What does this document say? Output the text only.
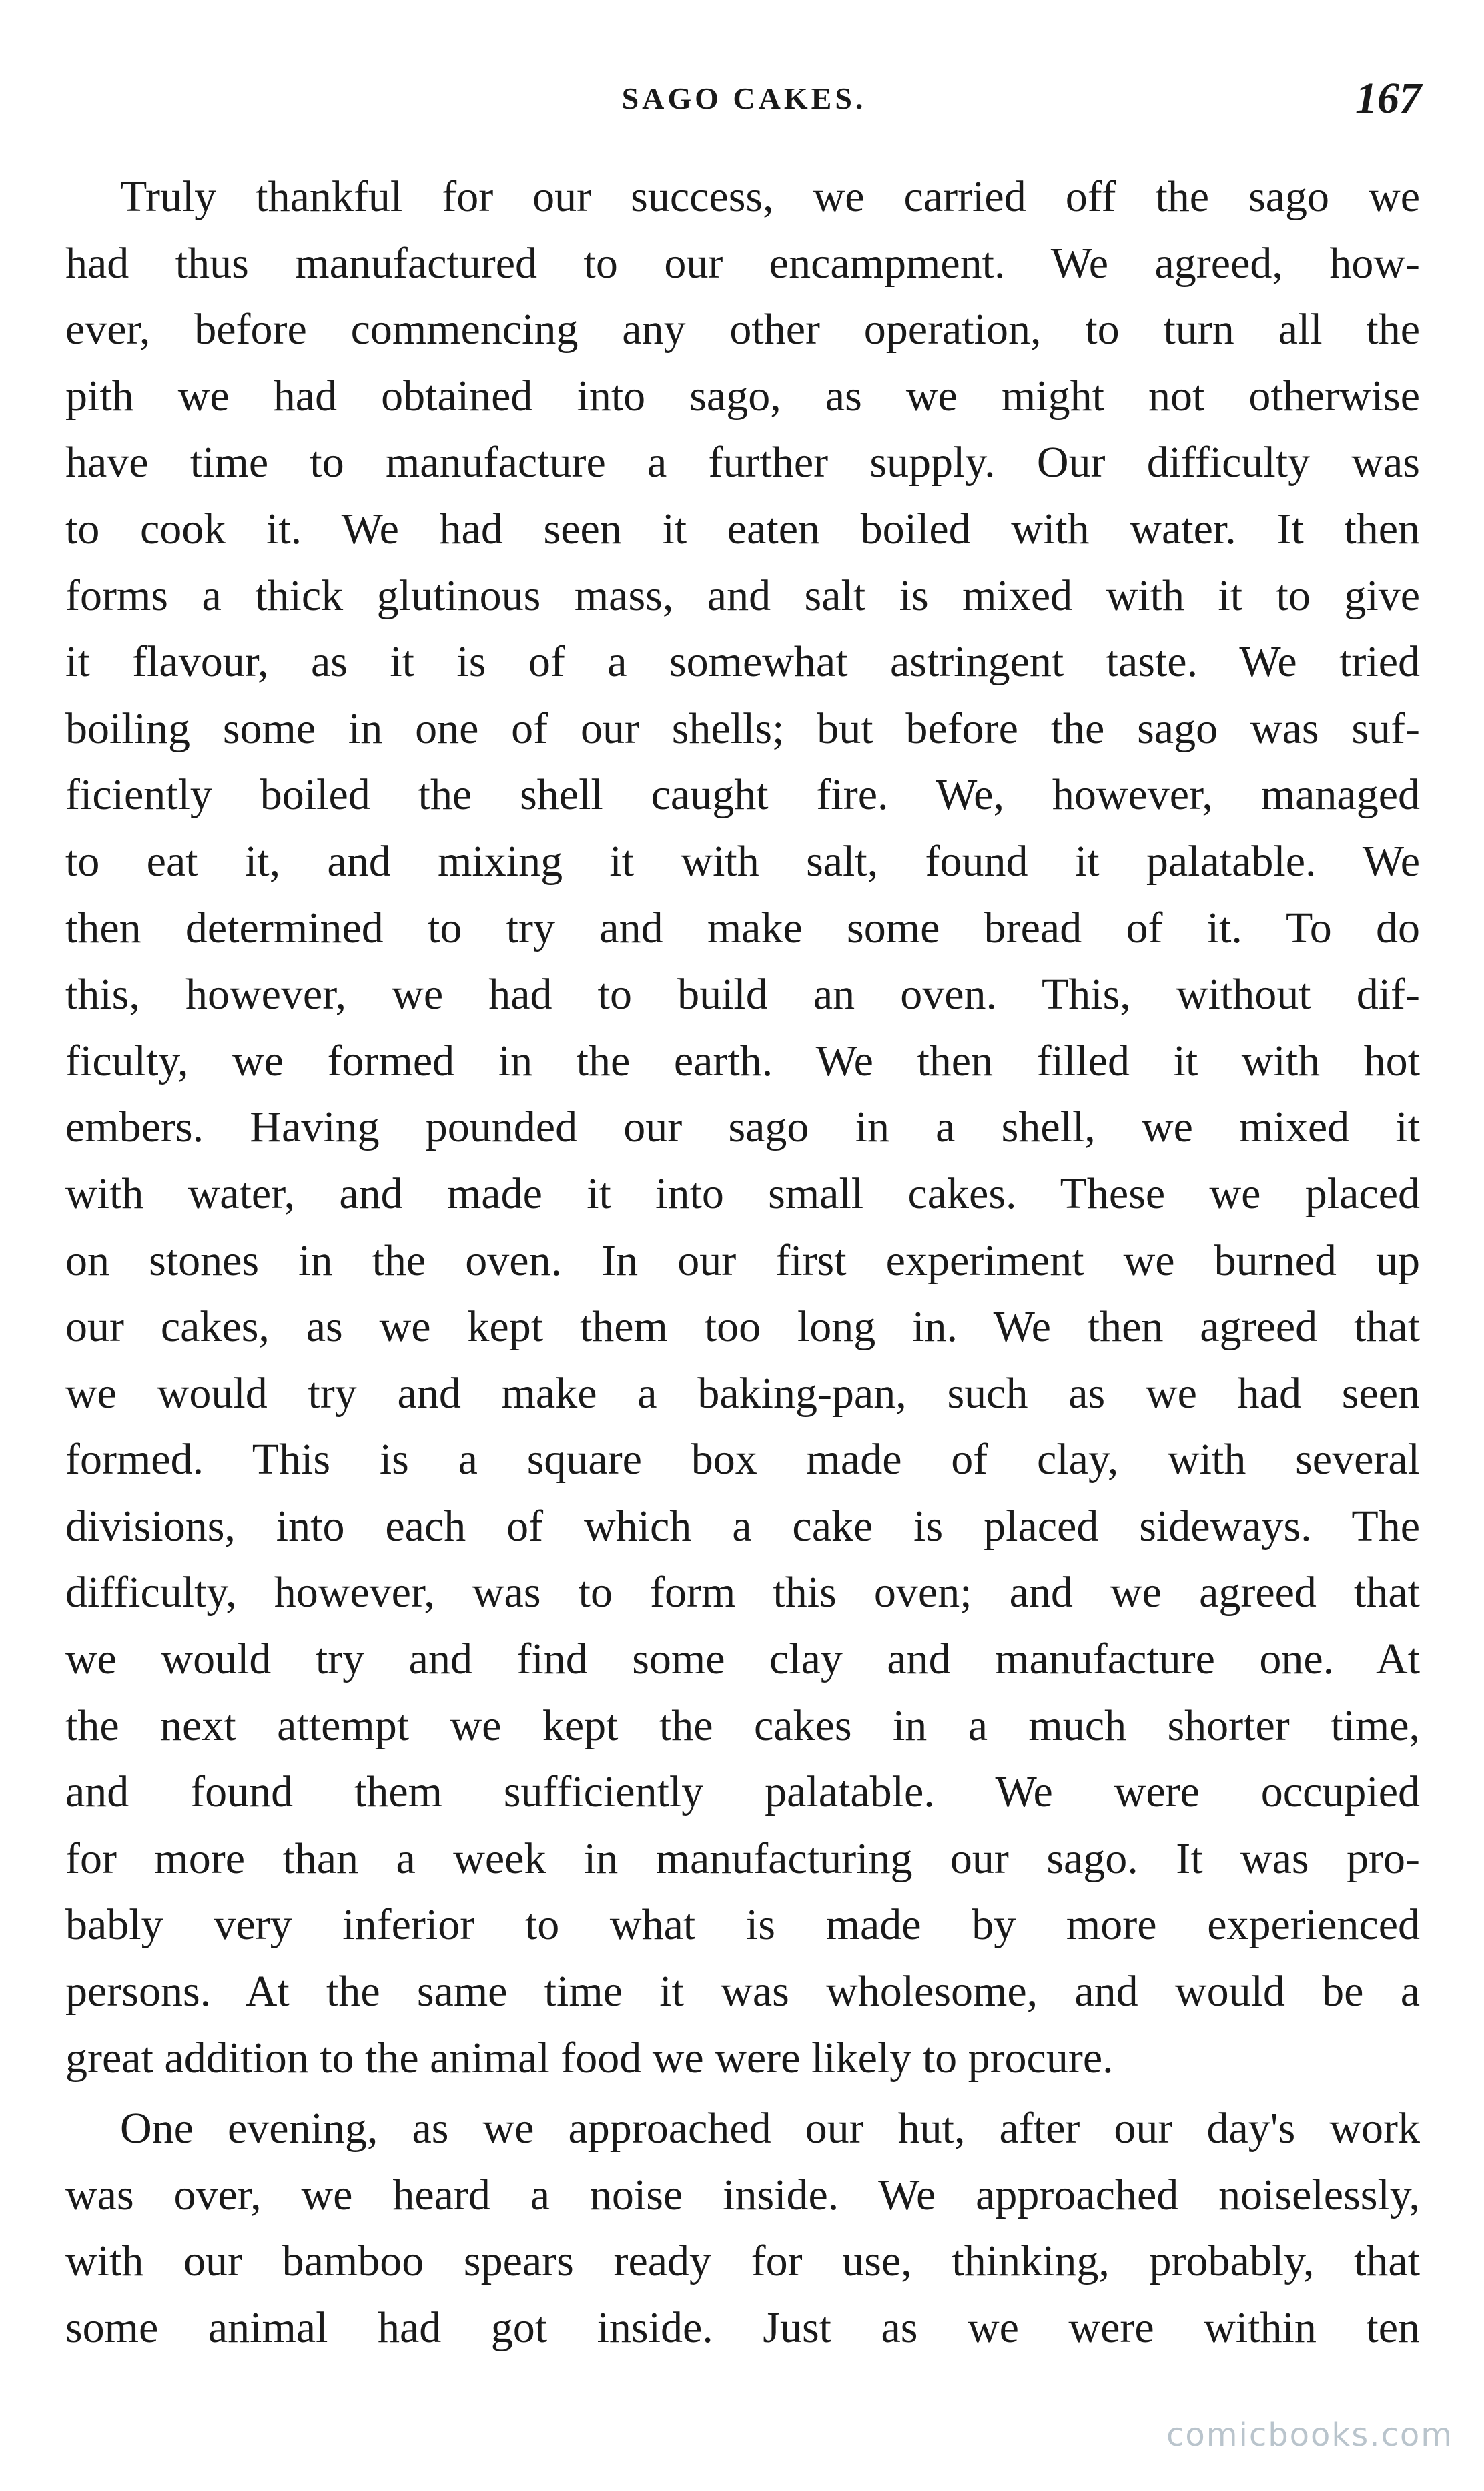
SAGO CAKES.	167
Truly thankful for our success, we carried off the sago we
had thus manufactured to our encampment. We agreed, how-
ever, before commencing any other operation, to turn all the
pith we had obtained into sago, as we might not otherwise
have time to manufacture a further supply. Our difficulty was
to cook it. We had seen it eaten boiled with water. It then
forms a thick glutinous mass, and salt is mixed with it to give
it flavour, as it is of a somewhat astringent taste. We tried
boiling some in one of our shells; but before the sago was suf-
ficiently boiled the shell caught fire. We, however, managed
to eat it, and mixing it with salt, found it palatable. We
then determined to try and make some bread of it. To do
this, however, we had to build an oven. This, without dif-
ficulty, we formed in the earth. We then filled it with hot
embers. Having pounded our sago in a shell, we mixed it
with water, and made it into small cakes. These we placed
on stones in the oven. In our first experiment we burned up
our cakes, as we kept them too long in. We then agreed that
we would try and make a baking-pan, such as we had seen
formed. This is a square box made of clay, with several
divisions, into each of which a cake is placed sideways. The
difficulty, however, was to form this oven; and we agreed that
we would try and find some clay and manufacture one. At
the next attempt we kept the cakes in a much shorter time,
and found them sufficiently palatable. We were occupied
for more than a week in manufacturing our sago. It was pro-
bably very inferior to what is made by more experienced
persons. At the same time it was wholesome, and would be a
great addition to the animal food we were likely to procure.
One evening, as we approached our hut, after our day's work
was over, we heard a noise inside. We approached noiselessly,
with our bamboo spears ready for use, thinking, probably, that
some animal had got inside. Just as we were within ten
comicbooks.com
